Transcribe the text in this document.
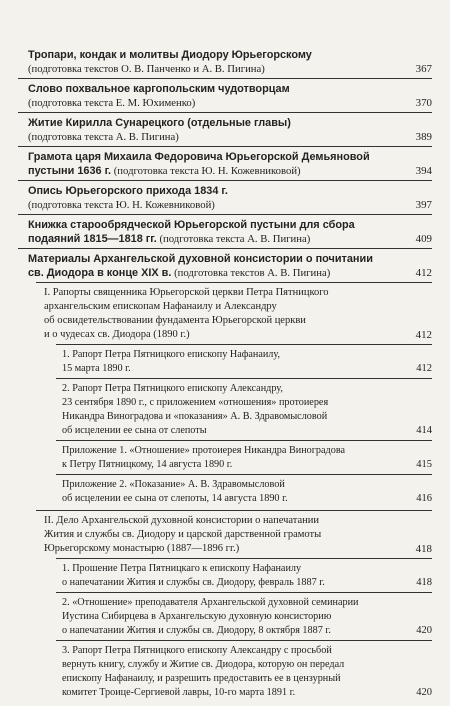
Тропари, кондак и молитвы Диодору Юрьегорскому
(подготовка текстов О. В. Панченко и А. В. Пигина)	367
Слово похвальное каргопольским чудотворцам
(подготовка текста Е. М. Юхименко)	370
Житие Кирилла Сунарецкого (отдельные главы)
(подготовка текста А. В. Пигина)	389
Грамота царя Михаила Федоровича Юрьегорской Демьяновой
пустыни 1636 г. (подготовка текста Ю. Н. Кожевниковой)	394
Опись Юрьегорского прихода 1834 г.
(подготовка текста Ю. Н. Кожевниковой)	397
Книжка старообрядческой Юрьегорской пустыни для сбора
подаяний 1815—1818 гг. (подготовка текста А. В. Пигина)	409
Материалы Архангельской духовной консистории о почитании
св. Диодора в конце XIX в. (подготовка текстов А. В. Пигина)	412
I. Рапорты священника Юрьегорской церкви Петра Пятницкого
архангельским епископам Нафанаилу и Александру
об освидетельствовании фундамента Юрьегорской церкви
и о чудесах св. Диодора (1890 г.)	412
1. Рапорт Петра Пятницкого епископу Нафанаилу,
15 марта 1890 г.	412
2. Рапорт Петра Пятницкого епископу Александру,
23 сентября 1890 г., с приложением «отношения» протоиерея
Никандра Виноградова и «показания» А. В. Здравомысловой
об исцелении ее сына от слепоты	414
Приложение 1. «Отношение» протоиерея Никандра Виноградова
к Петру Пятницкому, 14 августа 1890 г.	415
Приложение 2. «Показание» А. В. Здравомысловой
об исцелении ее сына от слепоты, 14 августа 1890 г.	416
II. Дело Архангельской духовной консистории о напечатании
Жития и службы св. Диодору и царской дарственной грамоты
Юрьегорскому монастырю (1887—1896 гг.)	418
1. Прошение Петра Пятницкаго к епископу Нафанаилу
о напечатании Жития и службы св. Диодору, февраль 1887 г.	418
2. «Отношение» преподавателя Архангельской духовной семинарии
Иустина Сибирцева в Архангельскую духовную консисторию
о напечатании Жития и службы св. Диодору, 8 октября 1887 г.	420
3. Рапорт Петра Пятницкого епископу Александру с просьбой
вернуть книгу, службу и Житие св. Диодора, которую он передал
епископу Нафанаилу, и разрешить предоставить ее в цензурный
комитет Троице-Сергиевой лавры, 10-го марта 1891 г.	420
